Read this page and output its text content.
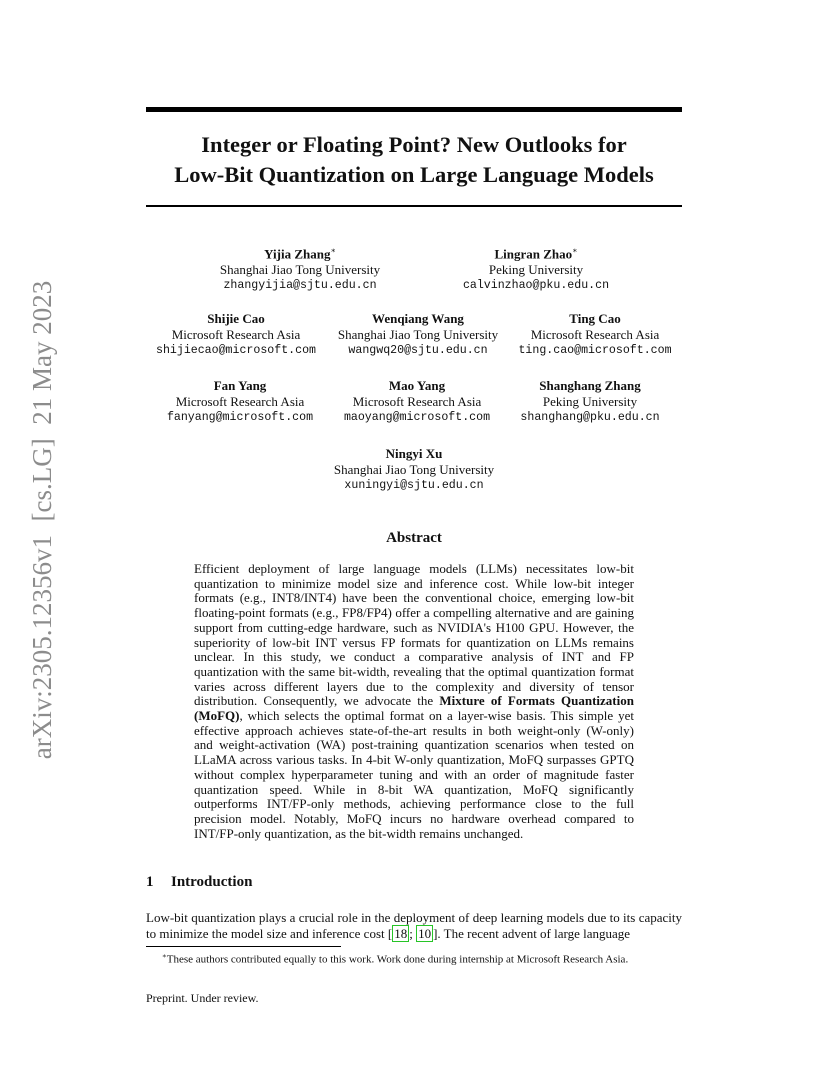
arXiv:2305.12356v1  [cs.LG]  21 May 2023
Integer or Floating Point? New Outlooks for
Low-Bit Quantization on Large Language Models
Yijia Zhang∗
Shanghai Jiao Tong University
zhangyijia@sjtu.edu.cn
Lingran Zhao∗
Peking University
calvinzhao@pku.edu.cn
Shijie Cao
Microsoft Research Asia
shijiecao@microsoft.com
Wenqiang Wang
Shanghai Jiao Tong University
wangwq20@sjtu.edu.cn
Ting Cao
Microsoft Research Asia
ting.cao@microsoft.com
Fan Yang
Microsoft Research Asia
fanyang@microsoft.com
Mao Yang
Microsoft Research Asia
maoyang@microsoft.com
Shanghang Zhang
Peking University
shanghang@pku.edu.cn
Ningyi Xu
Shanghai Jiao Tong University
xuningyi@sjtu.edu.cn
Abstract
Efficient deployment of large language models (LLMs) necessitates low-bit quantization to minimize model size and inference cost. While low-bit integer formats (e.g., INT8/INT4) have been the conventional choice, emerging low-bit floating-point formats (e.g., FP8/FP4) offer a compelling alternative and are gaining support from cutting-edge hardware, such as NVIDIA's H100 GPU. However, the superiority of low-bit INT versus FP formats for quantization on LLMs remains unclear. In this study, we conduct a comparative analysis of INT and FP quantization with the same bit-width, revealing that the optimal quantization format varies across different layers due to the complexity and diversity of tensor distribution. Consequently, we advocate the Mixture of Formats Quantization (MoFQ), which selects the optimal format on a layer-wise basis. This simple yet effective approach achieves state-of-the-art results in both weight-only (W-only) and weight-activation (WA) post-training quantization scenarios when tested on LLaMA across various tasks. In 4-bit W-only quantization, MoFQ surpasses GPTQ without complex hyperparameter tuning and with an order of magnitude faster quantization speed. While in 8-bit WA quantization, MoFQ significantly outperforms INT/FP-only methods, achieving performance close to the full precision model. Notably, MoFQ incurs no hardware overhead compared to INT/FP-only quantization, as the bit-width remains unchanged.
1 Introduction
Low-bit quantization plays a crucial role in the deployment of deep learning models due to its capacity to minimize the model size and inference cost [ 18 ; 10 ]. The recent advent of large language
∗These authors contributed equally to this work. Work done during internship at Microsoft Research Asia.
Preprint. Under review.
